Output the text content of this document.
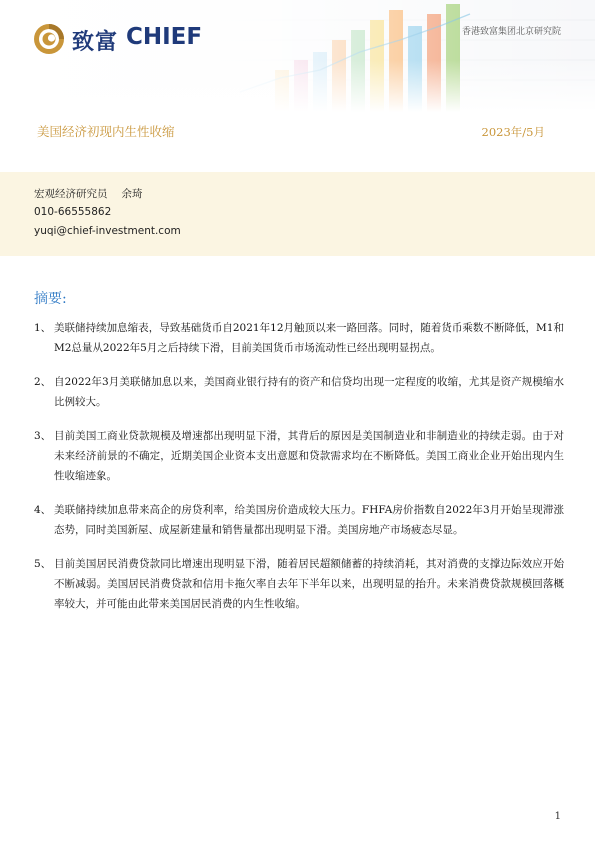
致富 CHIEF	香港致富集团北京研究院
美国经济初现内生性收缩	2023年/5月
宏观经济研究员 余琦
010-66555862
yuqi@chief-investment.com
摘要:
1、 美联储持续加息缩表，导致基础货币自2021年12月触顶以来一路回落。同时，随着货币乘数不断降低，M1和M2总量从2022年5月之后持续下滑，目前美国货币市场流动性已经出现明显拐点。
2、 自2022年3月美联储加息以来，美国商业银行持有的资产和信贷均出现一定程度的收缩，尤其是资产规模缩水比例较大。
3、 目前美国工商业贷款规模及增速都出现明显下滑，其背后的原因是美国制造业和非制造业的持续走弱。由于对未来经济前景的不确定，近期美国企业资本支出意愿和贷款需求均在不断降低。美国工商业企业开始出现内生性收缩迹象。
4、 美联储持续加息带来高企的房贷利率，给美国房价造成较大压力。FHFA房价指数自2022年3月开始呈现滞涨态势，同时美国新屋、成屋新建量和销售量都出现明显下滑。美国房地产市场疲态尽显。
5、 目前美国居民消费贷款同比增速出现明显下滑，随着居民超额储蓄的持续消耗，其对消费的支撑边际效应开始不断减弱。美国居民消费贷款和信用卡拖欠率自去年下半年以来，出现明显的抬升。未来消费贷款规模回落概率较大，并可能由此带来美国居民消费的内生性收缩。
1
